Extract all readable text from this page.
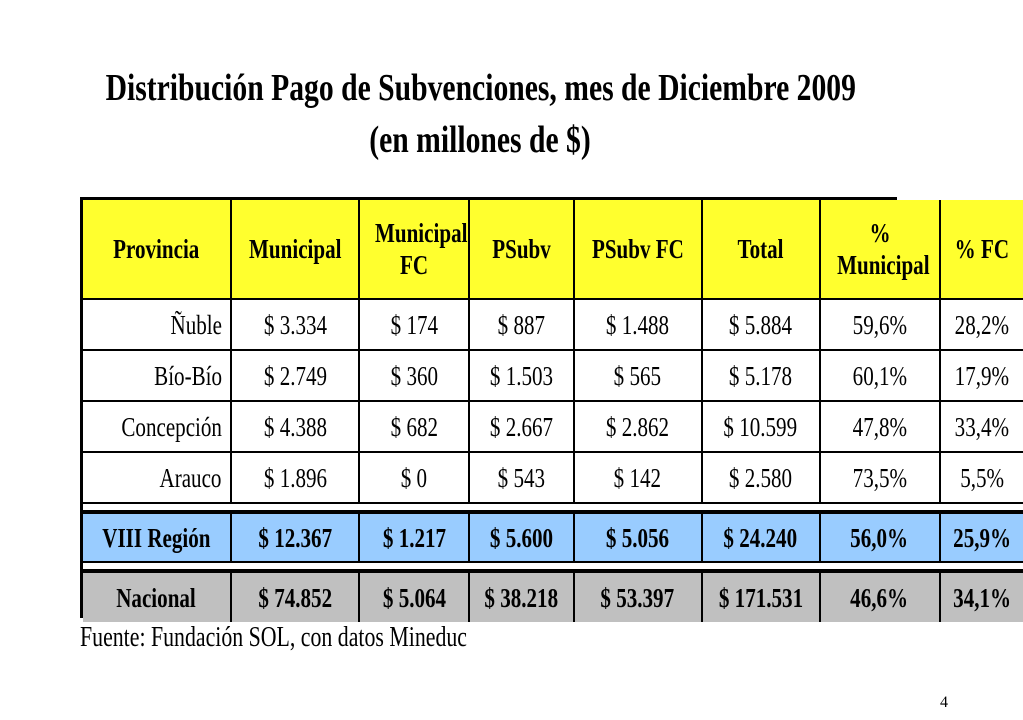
Distribución Pago de Subvenciones, mes de Diciembre 2009
(en millones de $)
Provincia	Municipal	Municipal FC	PSubv	PSubv FC	Total	% Municipal	% FC
Ñuble	$ 3.334	$ 174	$ 887	$ 1.488	$ 5.884	59,6%	28,2%
Bío-Bío	$ 2.749	$ 360	$ 1.503	$ 565	$ 5.178	60,1%	17,9%
Concepción	$ 4.388	$ 682	$ 2.667	$ 2.862	$ 10.599	47,8%	33,4%
Arauco	$ 1.896	$ 0	$ 543	$ 142	$ 2.580	73,5%	5,5%

VIII Región	$ 12.367	$ 1.217	$ 5.600	$ 5.056	$ 24.240	56,0%	25,9%

Nacional	$ 74.852	$ 5.064	$ 38.218	$ 53.397	$ 171.531	46,6%	34,1%
Fuente: Fundación SOL, con datos Mineduc
4
